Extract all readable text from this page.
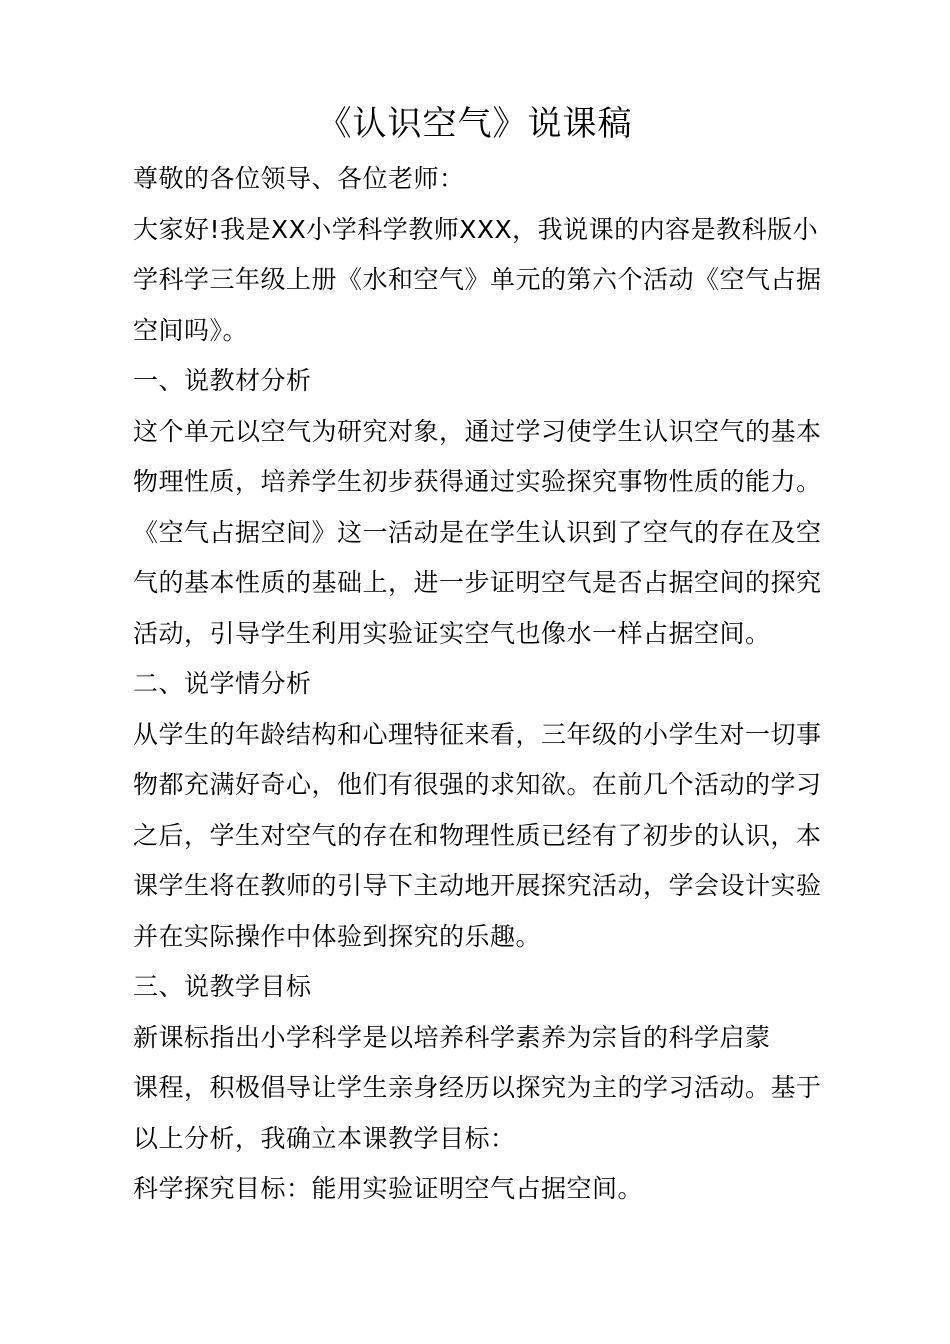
《认识空气》说课稿
尊敬的各位领导、各位老师：
大家好!我是XX小学科学教师XXX，我说课的内容是教科版小
学科学三年级上册《水和空气》单元的第六个活动《空气占据
空间吗》。
一、说教材分析
这个单元以空气为研究对象，通过学习使学生认识空气的基本
物理性质，培养学生初步获得通过实验探究事物性质的能力。
《空气占据空间》这一活动是在学生认识到了空气的存在及空
气的基本性质的基础上，进一步证明空气是否占据空间的探究
活动，引导学生利用实验证实空气也像水一样占据空间。
二、说学情分析
从学生的年龄结构和心理特征来看，三年级的小学生对一切事
物都充满好奇心，他们有很强的求知欲。在前几个活动的学习
之后，学生对空气的存在和物理性质已经有了初步的认识，本
课学生将在教师的引导下主动地开展探究活动，学会设计实验
并在实际操作中体验到探究的乐趣。
三、说教学目标
新课标指出小学科学是以培养科学素养为宗旨的科学启蒙
课程，积极倡导让学生亲身经历以探究为主的学习活动。基于
以上分析，我确立本课教学目标：
科学探究目标：能用实验证明空气占据空间。
